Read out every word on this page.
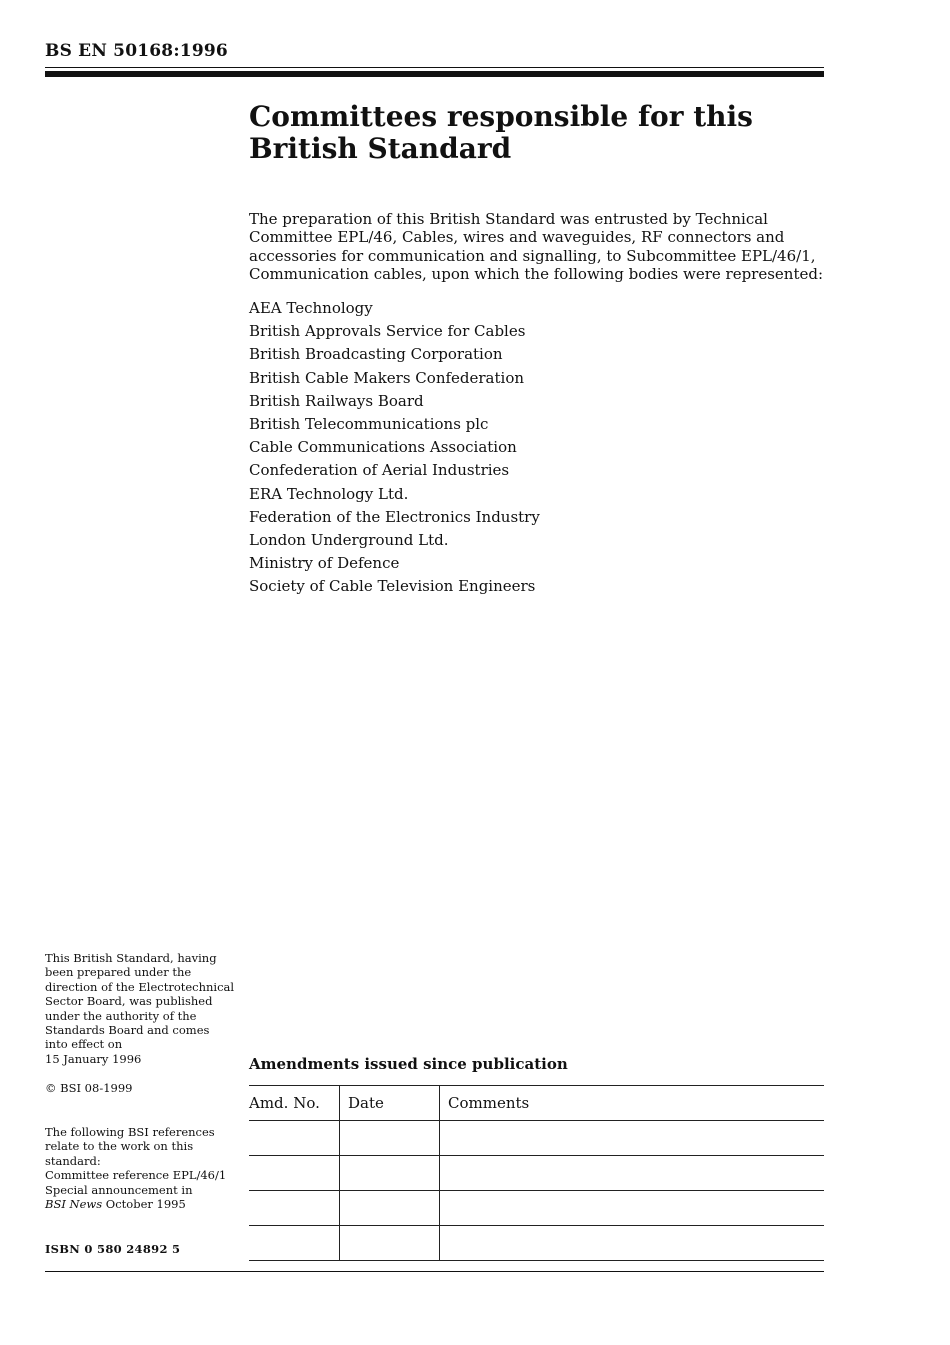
BS EN 50168:1996
Committees responsible for this
British Standard

The preparation of this British Standard was entrusted by Technical Committee EPL/46, Cables, wires and waveguides, RF connectors and accessories for communication and signalling, to Subcommittee EPL/46/1, Communication cables, upon which the following bodies were represented:

AEA Technology
British Approvals Service for Cables
British Broadcasting Corporation
British Cable Makers Confederation
British Railways Board
British Telecommunications plc
Cable Communications Association
Confederation of Aerial Industries
ERA Technology Ltd.
Federation of the Electronics Industry
London Underground Ltd.
Ministry of Defence
Society of Cable Television Engineers
This British Standard, having
been prepared under the
direction of the Electrotechnical
Sector Board, was published
under the authority of the
Standards Board and comes
into effect on
15 January 1996
© BSI 08-1999
The following BSI references
relate to the work on this
standard:
Committee reference EPL/46/1
Special announcement in
BSI News October 1995
ISBN 0 580 24892 5
Amendments issued since publication
Amd. No.	Date	Comments
